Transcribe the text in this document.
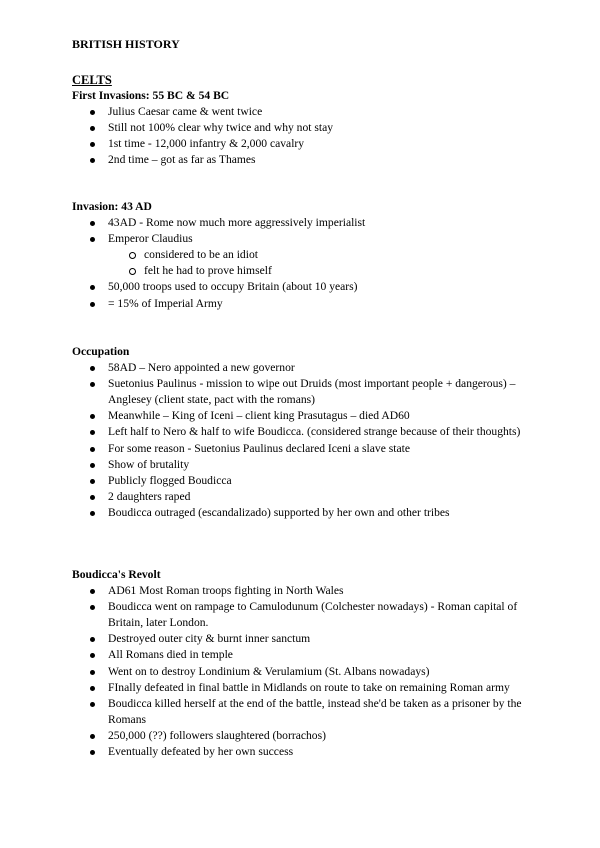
BRITISH HISTORY
CELTS
First Invasions: 55 BC & 54 BC
Julius Caesar came & went twice
Still not 100% clear why twice and why not stay
1st time - 12,000 infantry & 2,000 cavalry
2nd time – got as far as Thames
Invasion: 43 AD
43AD - Rome now much more aggressively imperialist
Emperor Claudius
considered to be an idiot
felt he had to prove himself
50,000 troops used to occupy Britain (about 10 years)
= 15% of Imperial Army
Occupation
58AD – Nero appointed a new governor
Suetonius Paulinus - mission to wipe out Druids (most important people + dangerous) – Anglesey (client state, pact with the romans)
Meanwhile – King of Iceni – client king Prasutagus – died AD60
Left half to Nero & half to wife Boudicca. (considered strange because of their thoughts)
For some reason - Suetonius Paulinus declared Iceni a slave state
Show of brutality
Publicly flogged Boudicca
2 daughters raped
Boudicca outraged (escandalizado) supported by her own and other tribes
Boudicca's Revolt
AD61 Most Roman troops fighting in North Wales
Boudicca went on rampage to Camulodunum (Colchester nowadays) - Roman capital of Britain, later London.
Destroyed outer city & burnt inner sanctum
All Romans died in temple
Went on to destroy Londinium & Verulamium (St. Albans nowadays)
FInally defeated in final battle in Midlands on route to take on remaining Roman army
Boudicca killed herself at the end of the battle, instead she'd be taken as a prisoner by the Romans
250,000 (??) followers slaughtered (borrachos)
Eventually defeated by her own success
